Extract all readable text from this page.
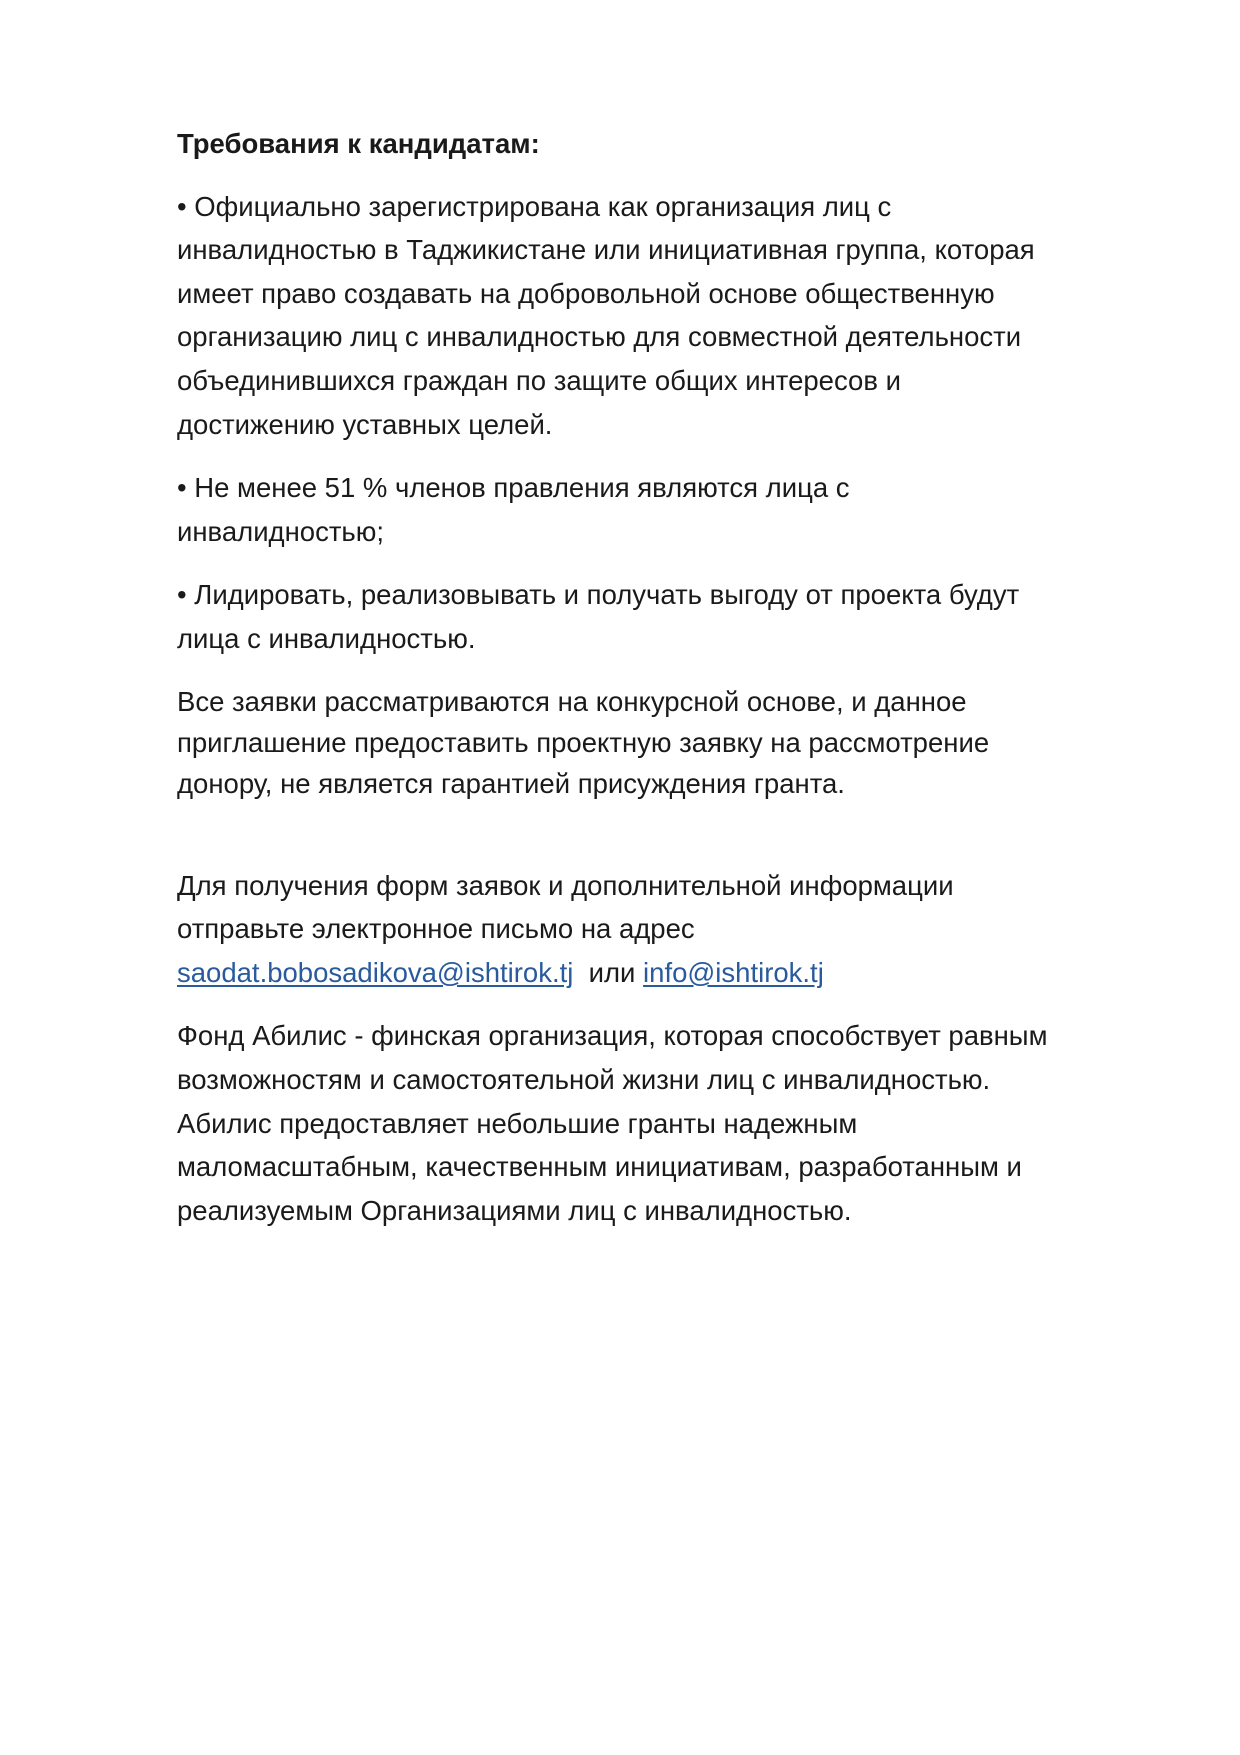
Требования к кандидатам:
• Официально зарегистрирована как организация лиц с
инвалидностью в Таджикистане или инициативная группа, которая
имеет право создавать на добровольной основе общественную
организацию лиц с инвалидностью для совместной деятельности
объединившихся граждан по защите общих интересов и
достижению уставных целей.
• Не менее 51 % членов правления являются лица с
инвалидностью;
• Лидировать, реализовывать и получать выгоду от проекта будут
лица с инвалидностью.
Все заявки рассматриваются на конкурсной основе, и данное
приглашение предоставить проектную заявку на рассмотрение
донору, не является гарантией присуждения гранта.
Для получения форм заявок и дополнительной информации
отправьте электронное письмо на адрес
saodat.bobosadikova@ishtirok.tj или info@ishtirok.tj
Фонд Абилис - финская организация, которая способствует равным
возможностям и самостоятельной жизни лиц с инвалидностью.
Абилис предоставляет небольшие гранты надежным
маломасштабным, качественным инициативам, разработанным и
реализуемым Организациями лиц с инвалидностью.
